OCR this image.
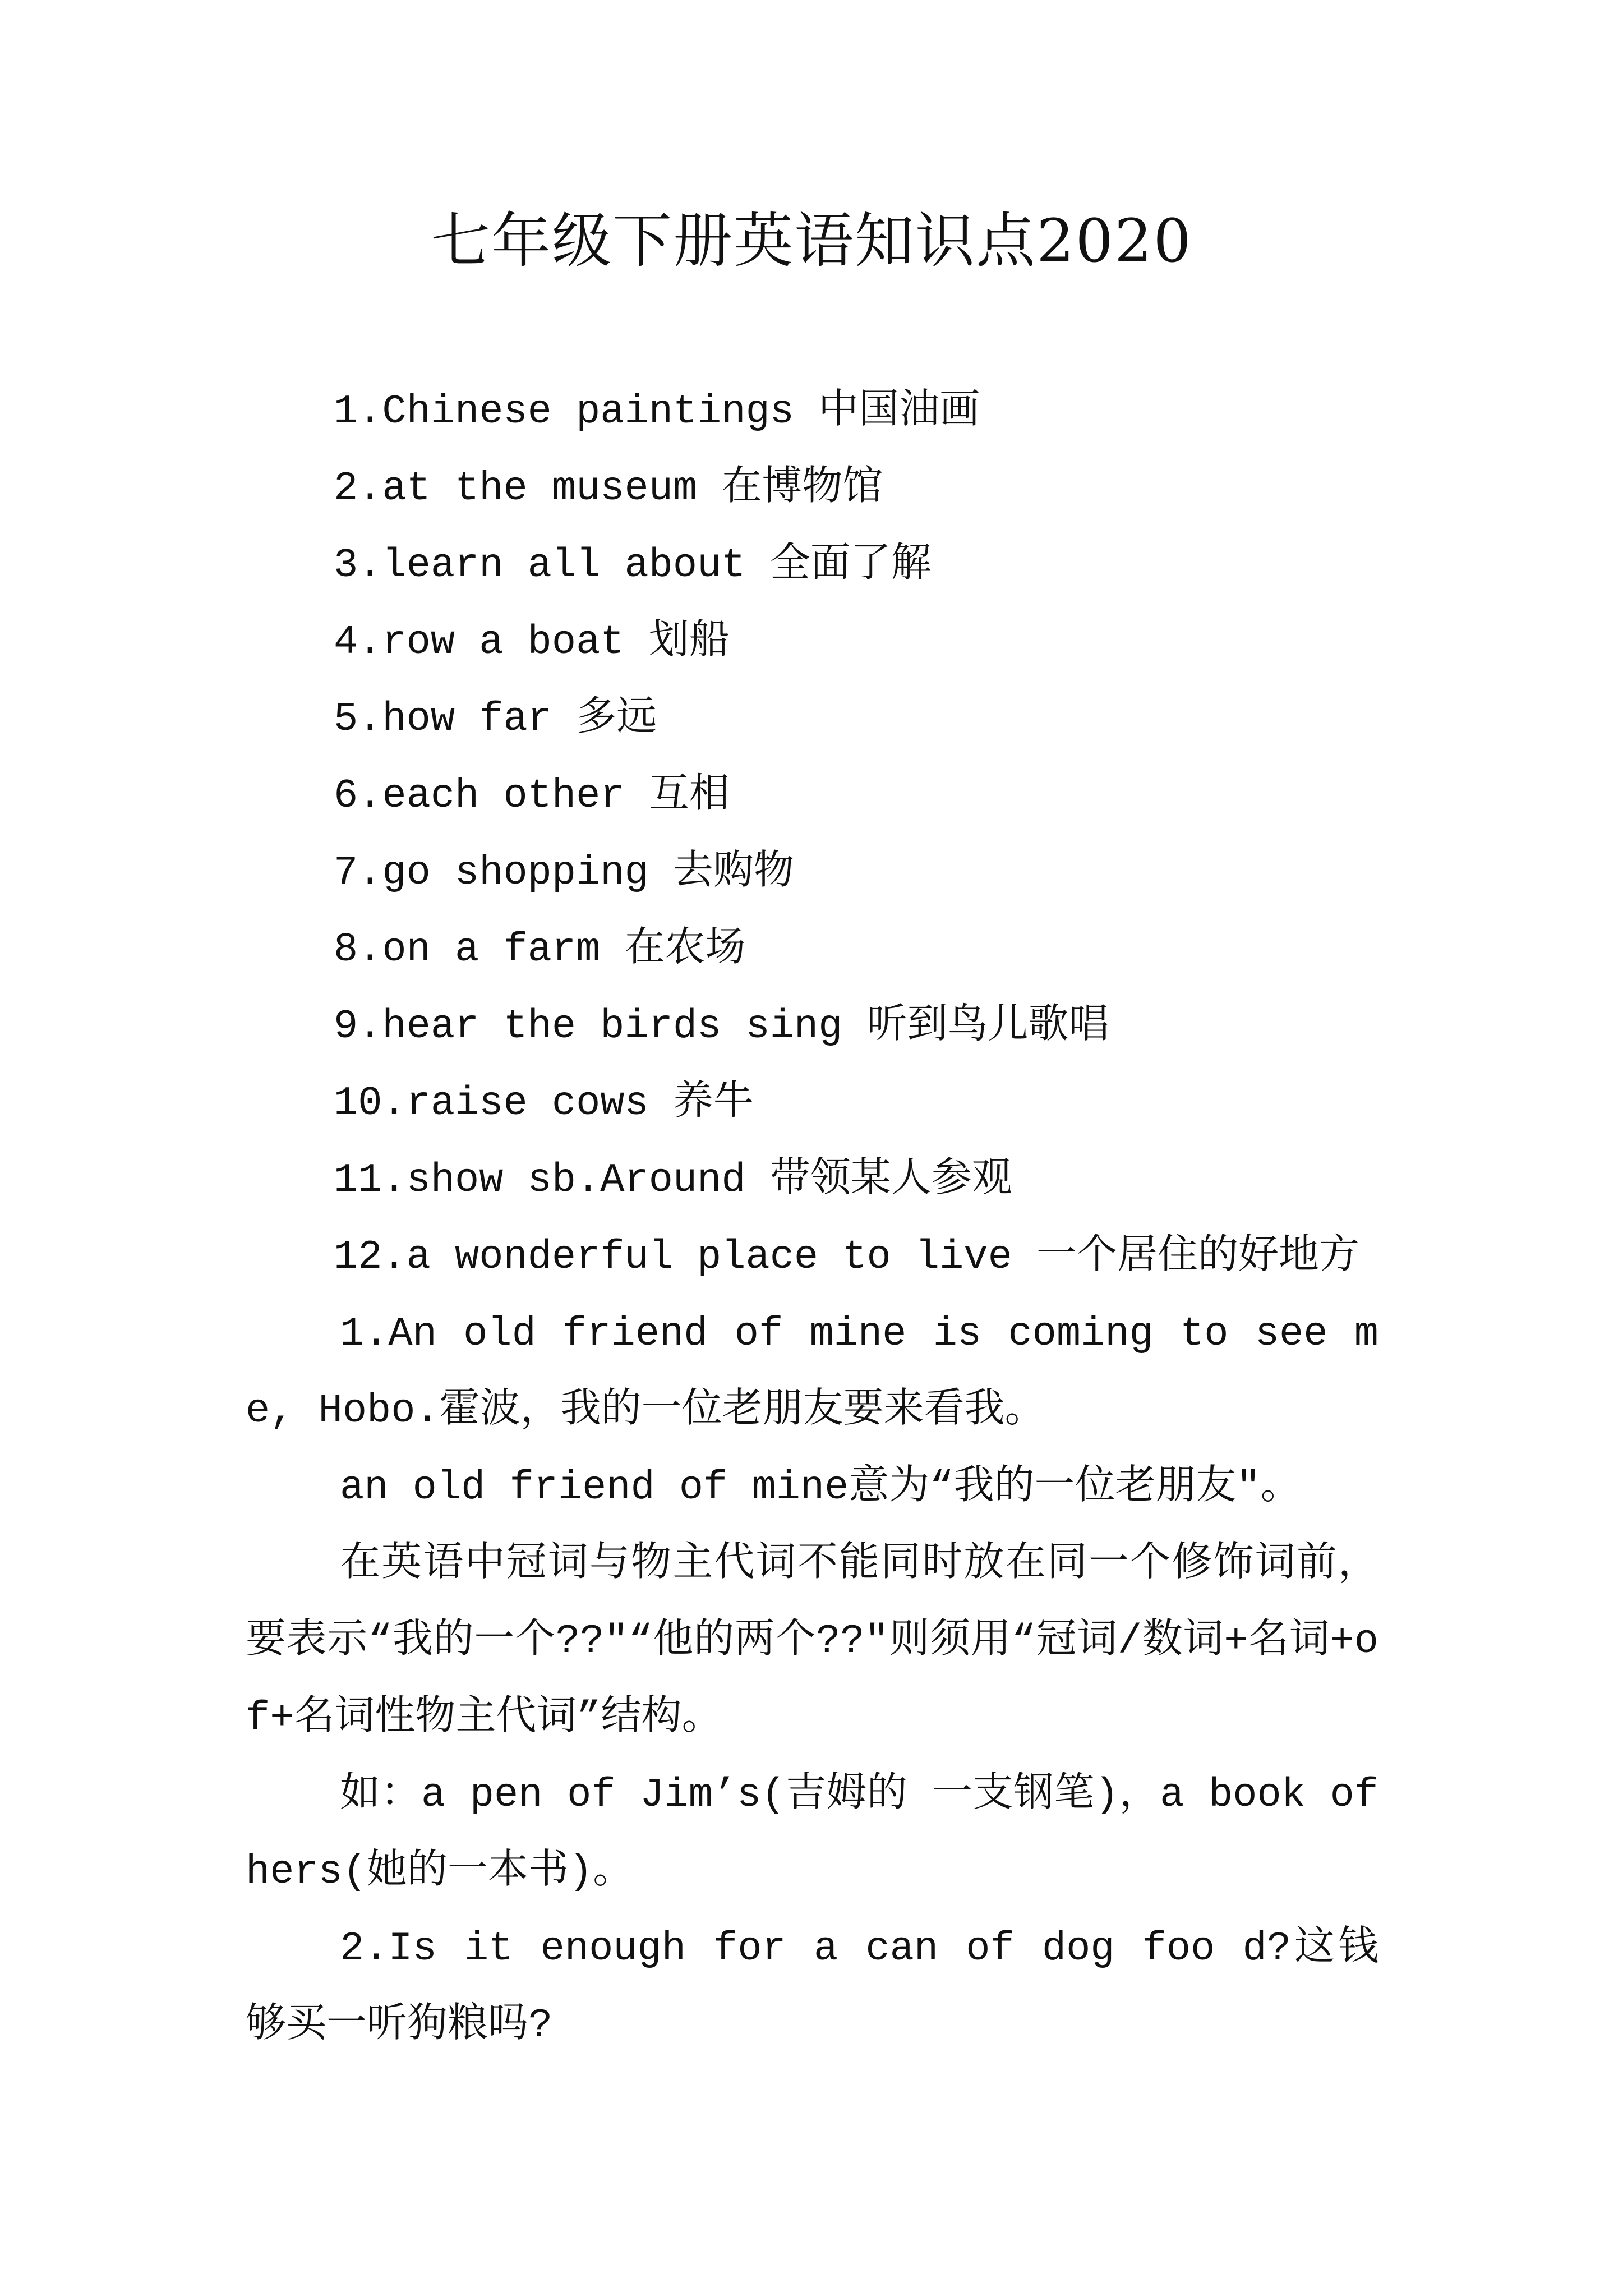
七年级下册英语知识点2020
1.Chinese paintings 中国油画
2.at the museum 在博物馆
3.learn all about 全面了解
4.row a boat 划船
5.how far 多远
6.each other 互相
7.go shopping 去购物
8.on a farm 在农场
9.hear the birds sing 听到鸟儿歌唱
10.raise cows 养牛
11.show sb.Around 带领某人参观
12.a wonderful place to live 一个居住的好地方
1.An old friend of mine is coming to see me, Hobo.霍波，我的一位老朋友要来看我。
an old friend of mine意为“我的一位老朋友"。
在英语中冠词与物主代词不能同时放在同一个修饰词前，要表示“我的一个??"“他的两个??"则须用“冠词/数词+名词+of+名词性物主代词”结构。
如：a pen of Jim’s(吉姆的 一支钢笔)，a book of hers(她的一本书)。
2.Is it enough for a can of dog foo d?这钱够买一听狗粮吗?
